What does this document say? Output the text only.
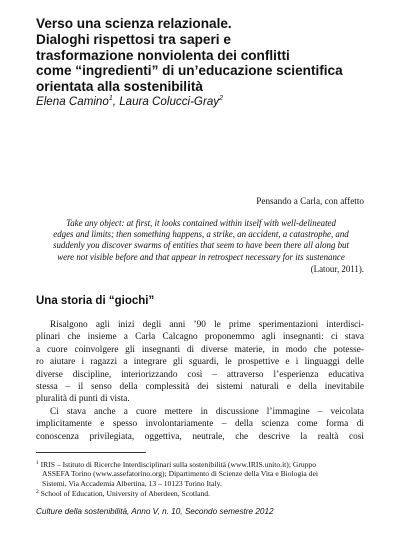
Verso una scienza relazionale.
Dialoghi rispettosi tra saperi e
trasformazione nonviolenta dei conflitti
come “ingredienti” di un’educazione scientifica
orientata alla sostenibilità
Elena Camino$^1$, Laura Colucci-Gray$^2$
Pensando a Carla, con affetto
Take any object: at first, it looks contained within itself with well-delineated
edges and limits; then something happens, a strike, an accident, a catastrophe, and
suddenly you discover swarms of entities that seem to have been there all along but
were not visible before and that appear in retrospect necessary for its sustenance
(Latour, 2011).
Una storia di “giochi”
Risalgono agli inizi degli anni ’90 le prime sperimentazioni interdisci-
plinari che insieme a Carla Calcagno proponemmo agli insegnanti: ci stava
a cuore coinvolgere gli insegnanti di diverse materie, in modo che potesse-
ro aiutare i ragazzi a integrare gli sguardi, le prospettive e i linguaggi delle
diverse discipline, interiorizzando così – attraverso l’esperienza educativa
stessa – il senso della complessità dei sistemi naturali e della inevitabile
pluralità di punti di vista.
Ci stava anche a cuore mettere in discussione l’immagine – veicolata
implicitamente e spesso involontariamente – della scienza come forma di
conoscenza privilegiata, oggettiva, neutrale, che descrive la realtà così
$^1$ IRIS – Istituto di Ricerche Interdisciplinari sulla sostenibilità (www.IRIS.unito.it); Gruppo
ASSEFA Torino (www.assefatorino.org); Dipartimento di Scienze della Vita e Biologia dei
Sistemi, Via Accademia Albertina, 13 – 10123 Torino Italy.
$^2$ School of Education, University of Aberdeen, Scotland.
Culture della sostenibilità, Anno V, n. 10, Secondo semestre 2012
